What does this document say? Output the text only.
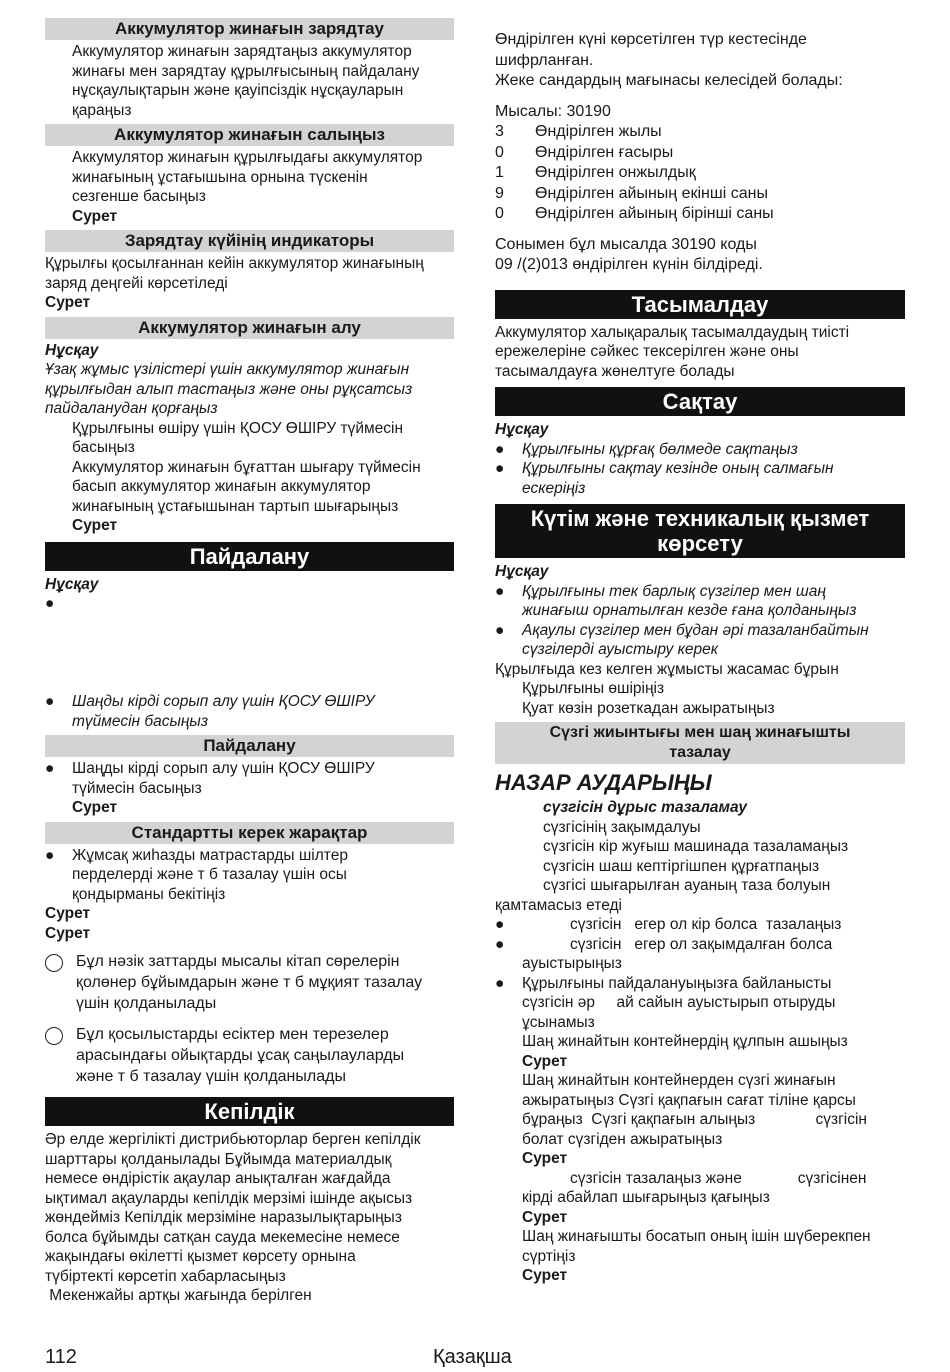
Аккумулятор жинағын зарядтау

Аккумулятор жинағын зарядтаңыз аккумулятор

жинағы мен зарядтау құрылғысының пайдалану

нұсқаулықтарын және қауіпсіздік нұсқауларын

қараңыз

Аккумулятор жинағын салыңыз

Аккумулятор жинағын құрылғыдағы аккумулятор

жинағының ұстағышына орнына түскенін

сезгенше басыңыз

Сурет

Зарядтау күйінің индикаторы

Құрылғы қосылғаннан кейін аккумулятор жинағының

заряд деңгейі көрсетіледі

Сурет

Аккумулятор жинағын алу

Нұсқау

Ұзақ жұмыс үзілістері үшін аккумулятор жинағын

құрылғыдан алып тастаңыз және оны рұқсатсыз

пайдаланудан қорғаңыз

Құрылғыны өшіру үшін ҚОСУ ӨШІРУ түймесін

басыңыз

Аккумулятор жинағын бұғаттан шығару түймесін

басып аккумулятор жинағын аккумулятор

жинағының ұстағышынан тартып шығарыңыз

Сурет

Пайдалану

Нұсқау

●

● Шаңды кірді сорып алу үшін ҚОСУ ӨШІРУ
түймесін басыңыз
Пайдалану
● Шаңды кірді сорып алу үшін ҚОСУ ӨШІРУ
түймесін басыңыз
Сурет
Стандартты керек жарақтар
● Жұмсақ жиһазды матрастарды шілтер
перделерді және т б тазалау үшін осы
қондырманы бекітіңіз

Сурет

Сурет

Бұл нәзік заттарды мысалы кітап сөрелерін
қолөнер бұйымдарын және т б мұқият тазалау
үшін қолданылады
Бұл қосылыстарды есіктер мен терезелер
арасындағы ойықтарды ұсақ саңылауларды
және т б тазалау үшін қолданылады
Кепілдік

Әр елде жергілікті дистрибьюторлар берген кепілдік

шарттары қолданылады Бұйымда материалдық

немесе өндірістік ақаулар анықталған жағдайда

ықтимал ақауларды кепілдік мерзімі ішінде ақысыз

жөндейміз Кепілдік мерзіміне наразылықтарыңыз

болса бұйымды сатқан сауда мекемесіне немесе

жақындағы өкілетті қызмет көрсету орнына

түбіртекті көрсетіп хабарласыңыз

Мекенжайы артқы жағында берілген

Өндірілген күні көрсетілген түр кестесінде

шифрланған.

Жеке сандардың мағынасы келесідей болады:

Мысалы: 30190

3	Өндірілген жылы
0	Өндірілген ғасыры
1	Өндірілген онжылдық
9	Өндірілген айының екінші саны
0	Өндірілген айының бірінші саны

Сонымен бұл мысалда 30190 коды

09 /(2)013 өндірілген күнін білдіреді.

Тасымалдау

Аккумулятор халықаралық тасымалдаудың тиісті

ережелеріне сәйкес тексерілген және оны

тасымалдауға жөнелтуге болады

Сақтау

Нұсқау

● Құрылғыны құрғақ бөлмеде сақтаңыз
● Құрылғыны сақтау кезінде оның салмағын
ескеріңіз
Күтім және техникалық қызмет
көрсету

Нұсқау

● Құрылғыны тек барлық сүзгілер мен шаң
жинағыш орнатылған кезде ғана қолданыңыз
● Ақаулы сүзгілер мен бұдан әрі тазаланбайтын
сүзгілерді ауыстыру керек

Құрылғыда кез келген жұмысты жасамас бұрын

Құрылғыны өшіріңіз

Қуат көзін розеткадан ажыратыңыз

Сүзгі жиынтығы мен шаң жинағышты
тазалау
НАЗАР АУДАРЫҢЫ

сүзгісін дұрыс тазаламау

сүзгісінің зақымдалуы

сүзгісін кір жуғыш машинада тазаламаңыз

сүзгісін шаш кептіргішпен құрғатпаңыз

сүзгісі шығарылған ауаның таза болуын

қамтамасыз етеді

●	сүзгісін   егер ол кір болса  тазалаңыз
●	сүзгісін   егер ол зақымдалған болса
ауыстырыңыз
● Құрылғыны пайдалануыңызға байланысты
сүзгісін әр     ай сайын ауыстырып отыруды
ұсынамыз

Шаң жинайтын контейнердің құлпын ашыңыз

Сурет

Шаң жинайтын контейнерден сүзгі жинағын

ажыратыңыз Сүзгі қақпағын сағат тіліне қарсы

бұраңыз  Сүзгі қақпағын алыңыз              сүзгісін

болат сүзгіден ажыратыңыз

Сурет

сүзгісін тазалаңыз және             сүзгісінен

кірді абайлап шығарыңыз қағыңыз

Сурет

Шаң жинағышты босатып оның ішін шүберекпен

сүртіңіз

Сурет

112	Қазақша
